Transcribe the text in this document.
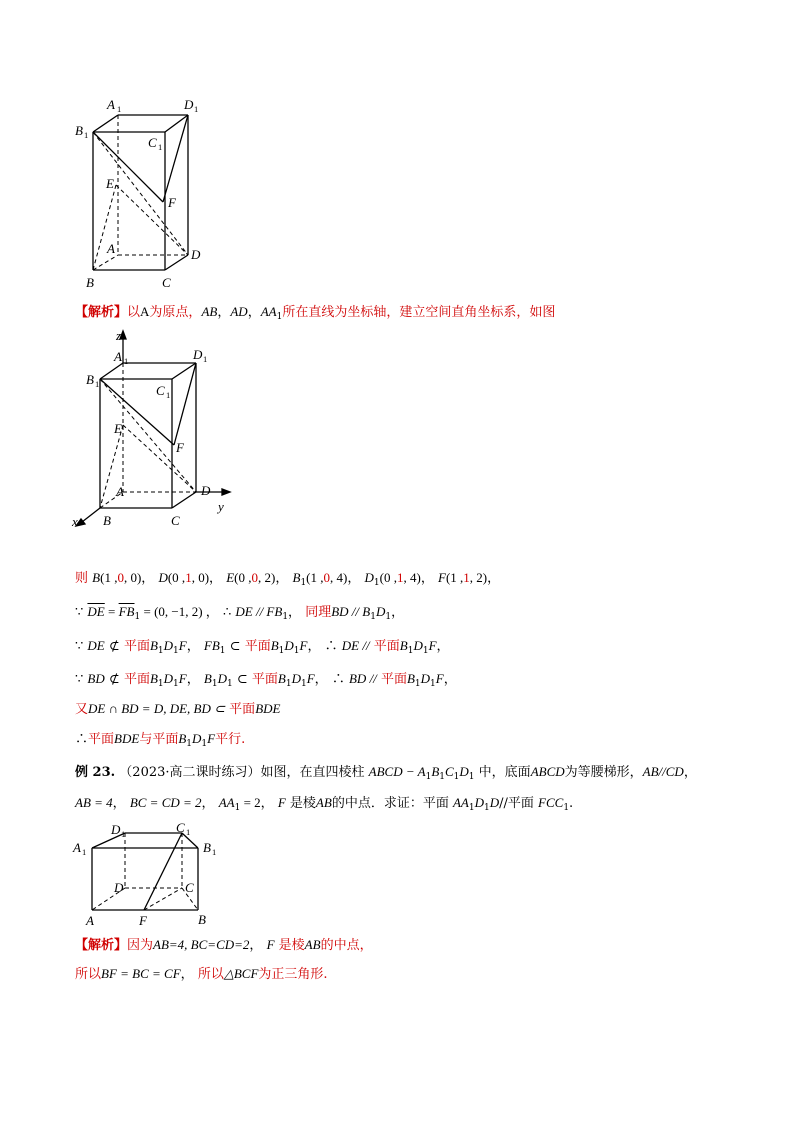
A 1	D 1
B 1	C 1
E
F
A	D
B	C
【解析】以A为原点，AB，AD，$AA_1$所在直线为坐标轴，建立空间直角坐标系，如图
z
A 1	D 1
B 1	C 1
E
F
A	D
y
x B	C
则 B(1 ,0, 0)， D(0 ,1, 0)， E(0 ,0, 2)， $B_1(1$ ,0, 4)， $D_1(0$ ,1, 4)， F(1 ,1, 2)，
∵ $\overline{DE} = \overline{FB}_1 = (0$, −1, 2) ， ∴ DE // $FB_1$， 同理BD // $B_1D_1$，
∵ DE ⊄ 平面$B_1D_1F$， $FB_1$ ⊂ 平面$B_1D_1F$， ∴ DE // 平面$B_1D_1F$，
∵ BD ⊄ 平面$B_1D_1F$， $B_1D_1$ ⊂ 平面$B_1D_1F$， ∴ BD // 平面$B_1D_1F$，
又DE ∩ BD = D, DE, BD ⊂ 平面BDE
∴平面BDE与平面$B_1D_1F$平行.
例 23. （2023·高二课时练习）如图，在直四棱柱 ABCD − $A_1B_1C_1D_1$ 中，底面ABCD为等腰梯形，AB//CD，
AB = 4， BC = CD = 2， $AA_1 = 2$， F 是棱AB的中点．求证：平面 $AA_1D_1D//$平面 $FCC_1$.
D 1	C 1
A 1	B 1
D	C
A	F	B
【解析】因为AB=4, BC=CD=2， F 是棱AB的中点，
所以BF = BC = CF， 所以△BCF为正三角形.
